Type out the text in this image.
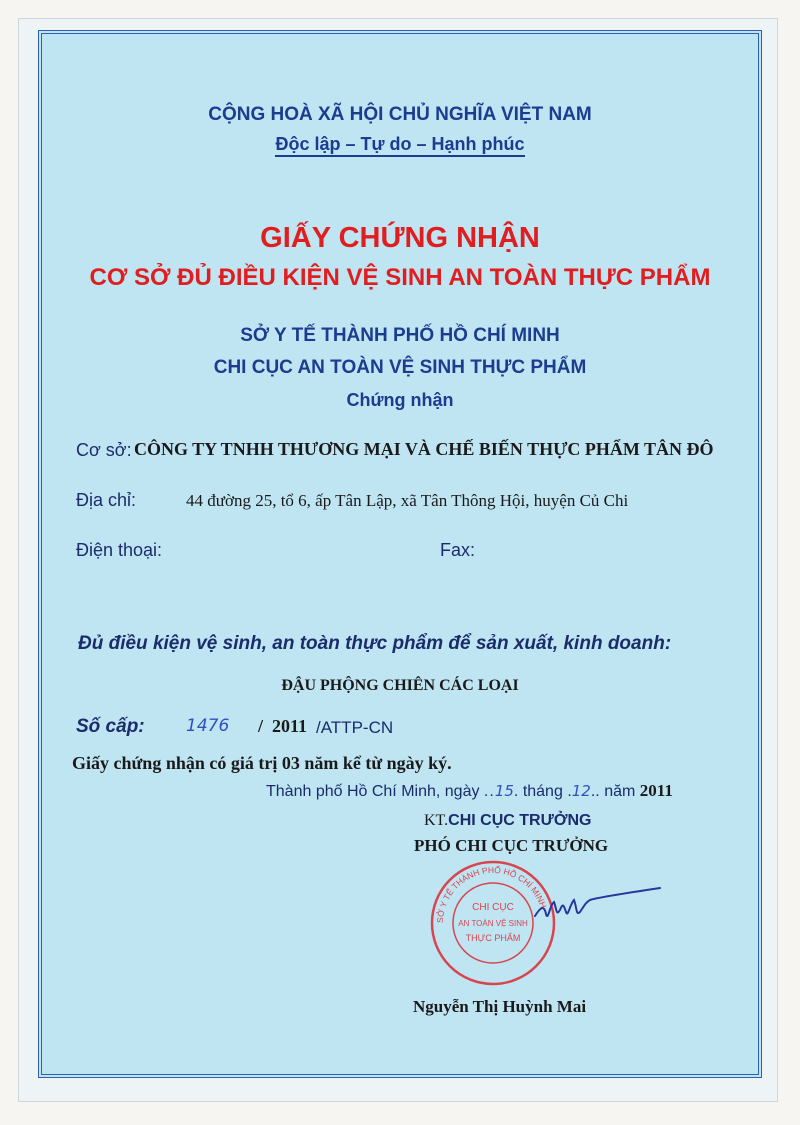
CỘNG HOÀ XÃ HỘI CHỦ NGHĨA VIỆT NAM
Độc lập – Tự do – Hạnh phúc
GIẤY CHỨNG NHẬN
CƠ SỞ ĐỦ ĐIỀU KIỆN VỆ SINH AN TOÀN THỰC PHẨM
SỞ Y TẾ THÀNH PHỐ HỒ CHÍ MINH
CHI CỤC AN TOÀN VỆ SINH THỰC PHẨM
Chứng nhận
Cơ sở: CÔNG TY TNHH THƯƠNG MẠI VÀ CHẾ BIẾN THỰC PHẨM TÂN ĐÔ
Địa chỉ:	44 đường 25, tổ 6, ấp Tân Lập, xã Tân Thông Hội, huyện Củ Chi
Điện thoại:	Fax:
Đủ điều kiện vệ sinh, an toàn thực phẩm để sản xuất, kinh doanh:
ĐẬU PHỘNG CHIÊN CÁC LOẠI
Số cấp: 1476 / 2011 /ATTP-CN
Giấy chứng nhận có giá trị 03 năm kể từ ngày ký.
Thành phố Hồ Chí Minh, ngày ..15. tháng .12.. năm 2011
KT.CHI CỤC TRƯỞNG
PHÓ CHI CỤC TRƯỞNG
SỞ Y TẾ THÀNH PHỐ HỒ CHÍ MINH
CHI CỤC
AN TOÀN VỆ SINH
THỰC PHẨM
Nguyễn Thị Huỳnh Mai
